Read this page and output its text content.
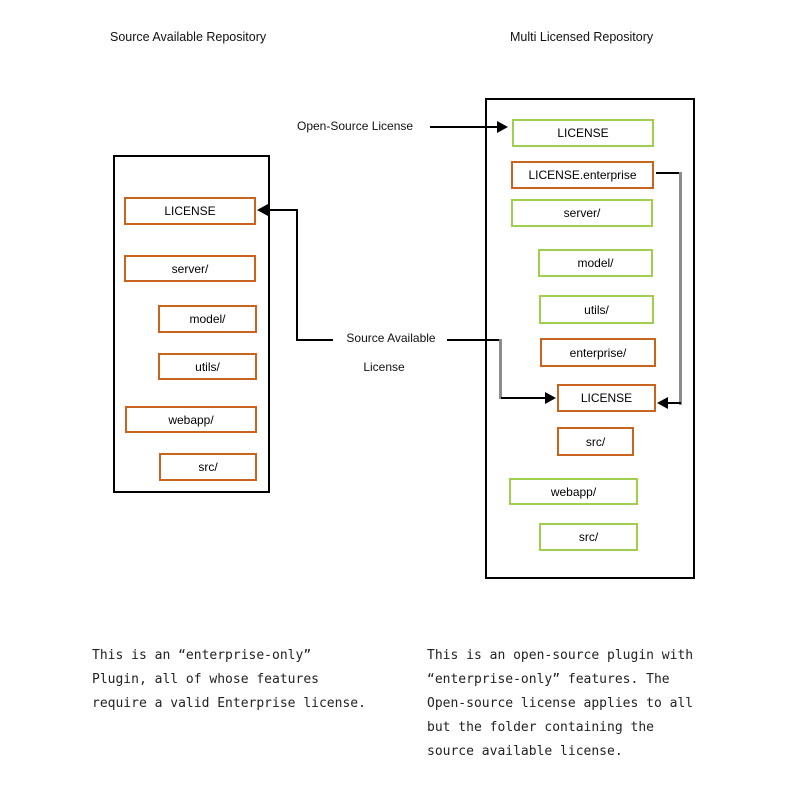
Source Available Repository	Multi Licensed Repository
LICENSE
server/
model/
utils/
webapp/
src/
LICENSE
LICENSE.enterprise
server/
model/
utils/
enterprise/
LICENSE
src/
webapp/
src/
Open-Source License
Source Available
License
This is an “enterprise-only”
Plugin, all of whose features
require a valid Enterprise license.
This is an open-source plugin with
“enterprise-only” features. The
Open-source license applies to all
but the folder containing the
source available license.
